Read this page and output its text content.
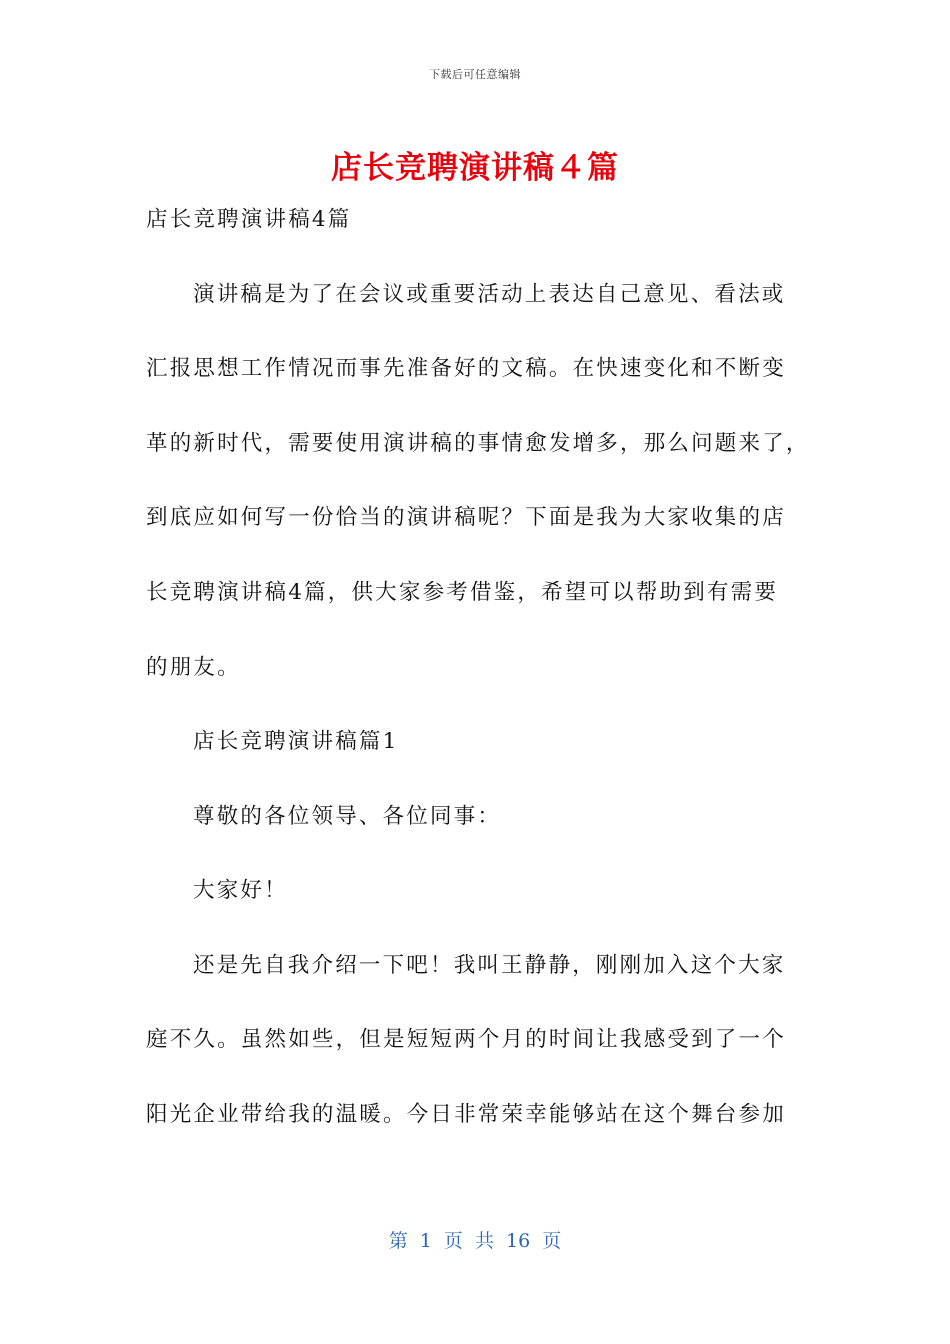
下载后可任意编辑
店长竞聘演讲稿４篇
店长竞聘演讲稿4篇
演讲稿是为了在会议或重要活动上表达自己意见、看法或
汇报思想工作情况而事先准备好的文稿。在快速变化和不断变
革的新时代，需要使用演讲稿的事情愈发增多，那么问题来了，
到底应如何写一份恰当的演讲稿呢？下面是我为大家收集的店
长竞聘演讲稿4篇，供大家参考借鉴，希望可以帮助到有需要
的朋友。
店长竞聘演讲稿篇1
尊敬的各位领导、各位同事：
大家好！
还是先自我介绍一下吧！我叫王静静，刚刚加入这个大家
庭不久。虽然如些，但是短短两个月的时间让我感受到了一个
阳光企业带给我的温暖。今日非常荣幸能够站在这个舞台参加
第 1 页 共 16 页
